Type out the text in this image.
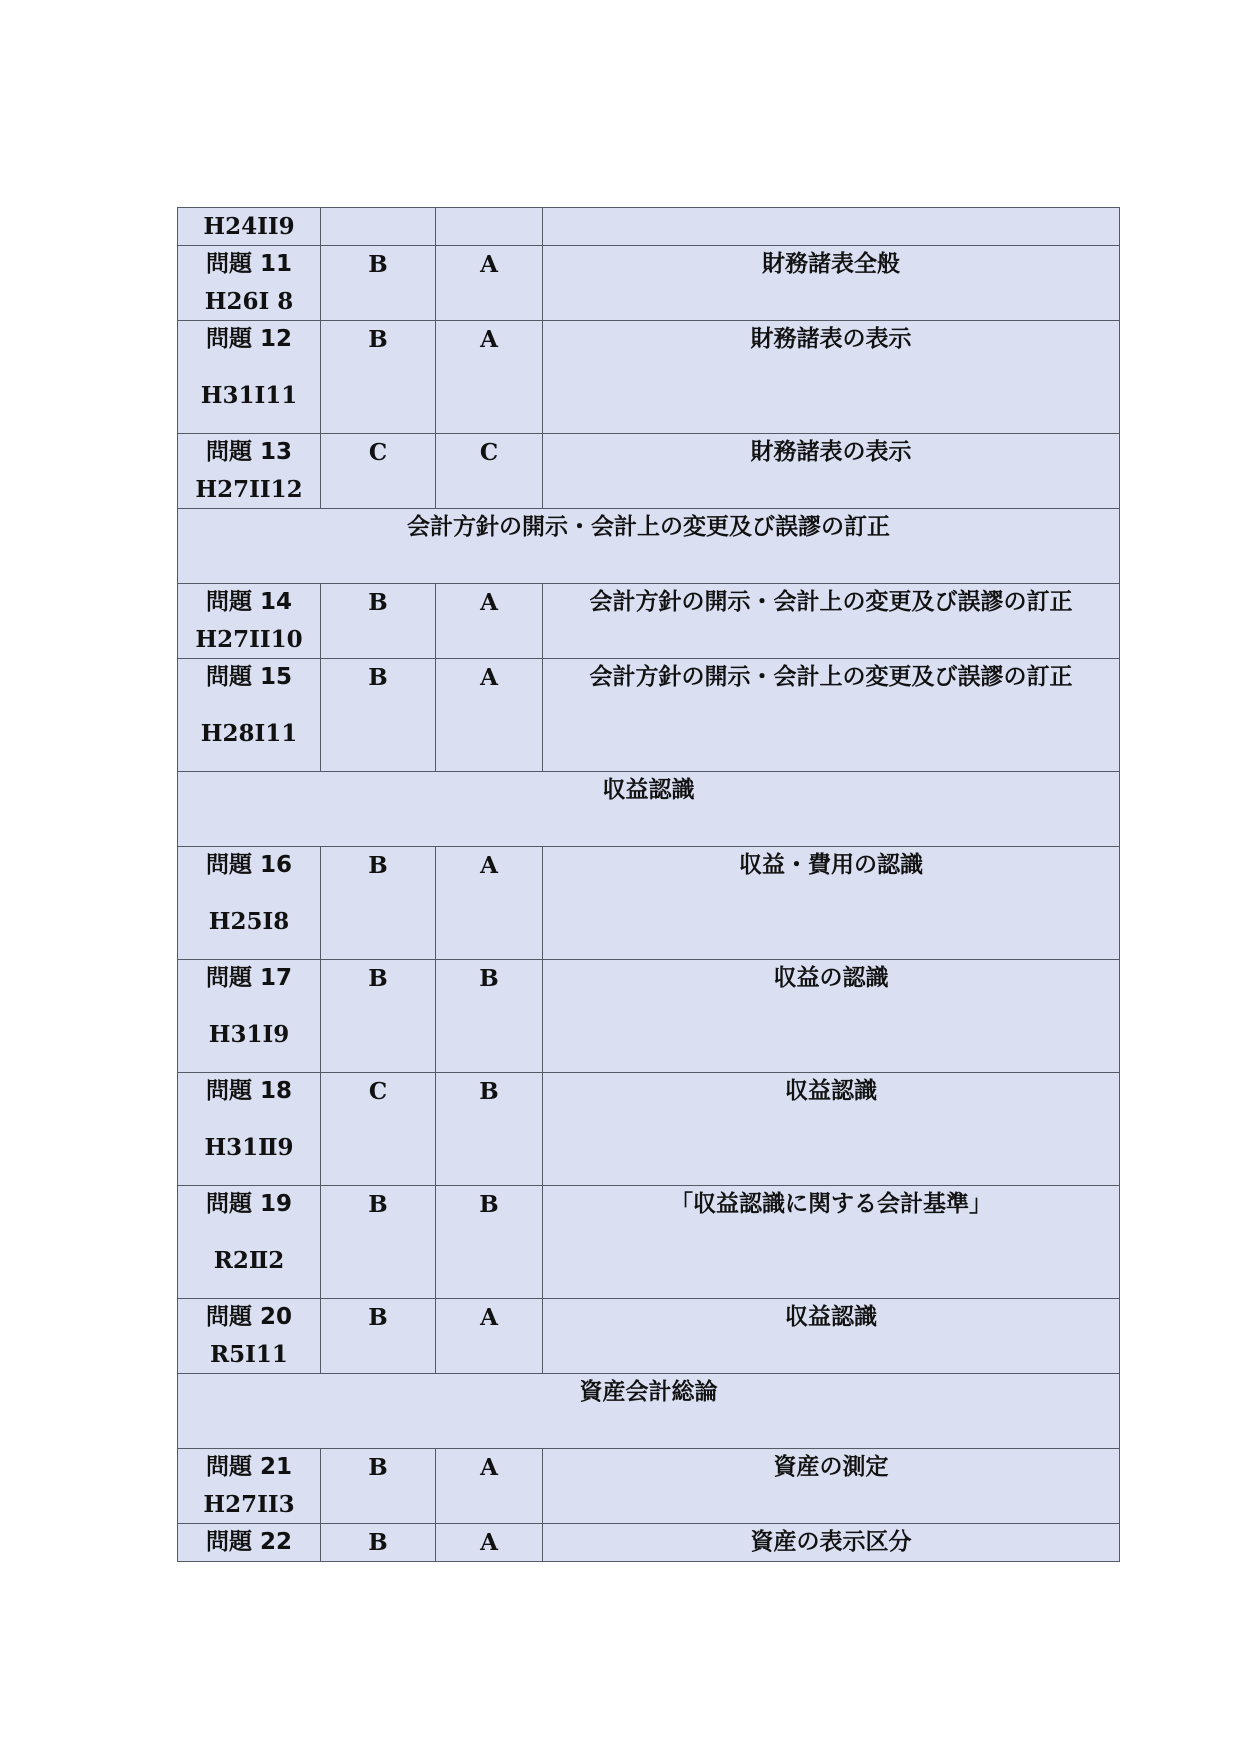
H24II9			

問題 11
H26I 8	B	A	財務諸表全般
問題 12
H31Ⅰ11	B	A	財務諸表の表示
問題 13
H27II12	C	C	財務諸表の表示
会計方針の開示・会計上の変更及び誤謬の訂正			
問題 14
H27II10	B	A	会計方針の開示・会計上の変更及び誤謬の訂正
問題 15
H28Ⅰ11	B	A	会計方針の開示・会計上の変更及び誤謬の訂正
収益認識			
問題 16
H25Ⅰ8	B	A	収益・費用の認識
問題 17
H31Ⅰ9	B	B	収益の認識
問題 18
H31Ⅱ9	C	B	収益認識
問題 19
R2Ⅱ2	B	B	「収益認識に関する会計基準」
問題 20
R5Ⅰ11	B	A	収益認識
資産会計総論			
問題 21
H27II3	B	A	資産の測定
問題 22	B	A	資産の表示区分
